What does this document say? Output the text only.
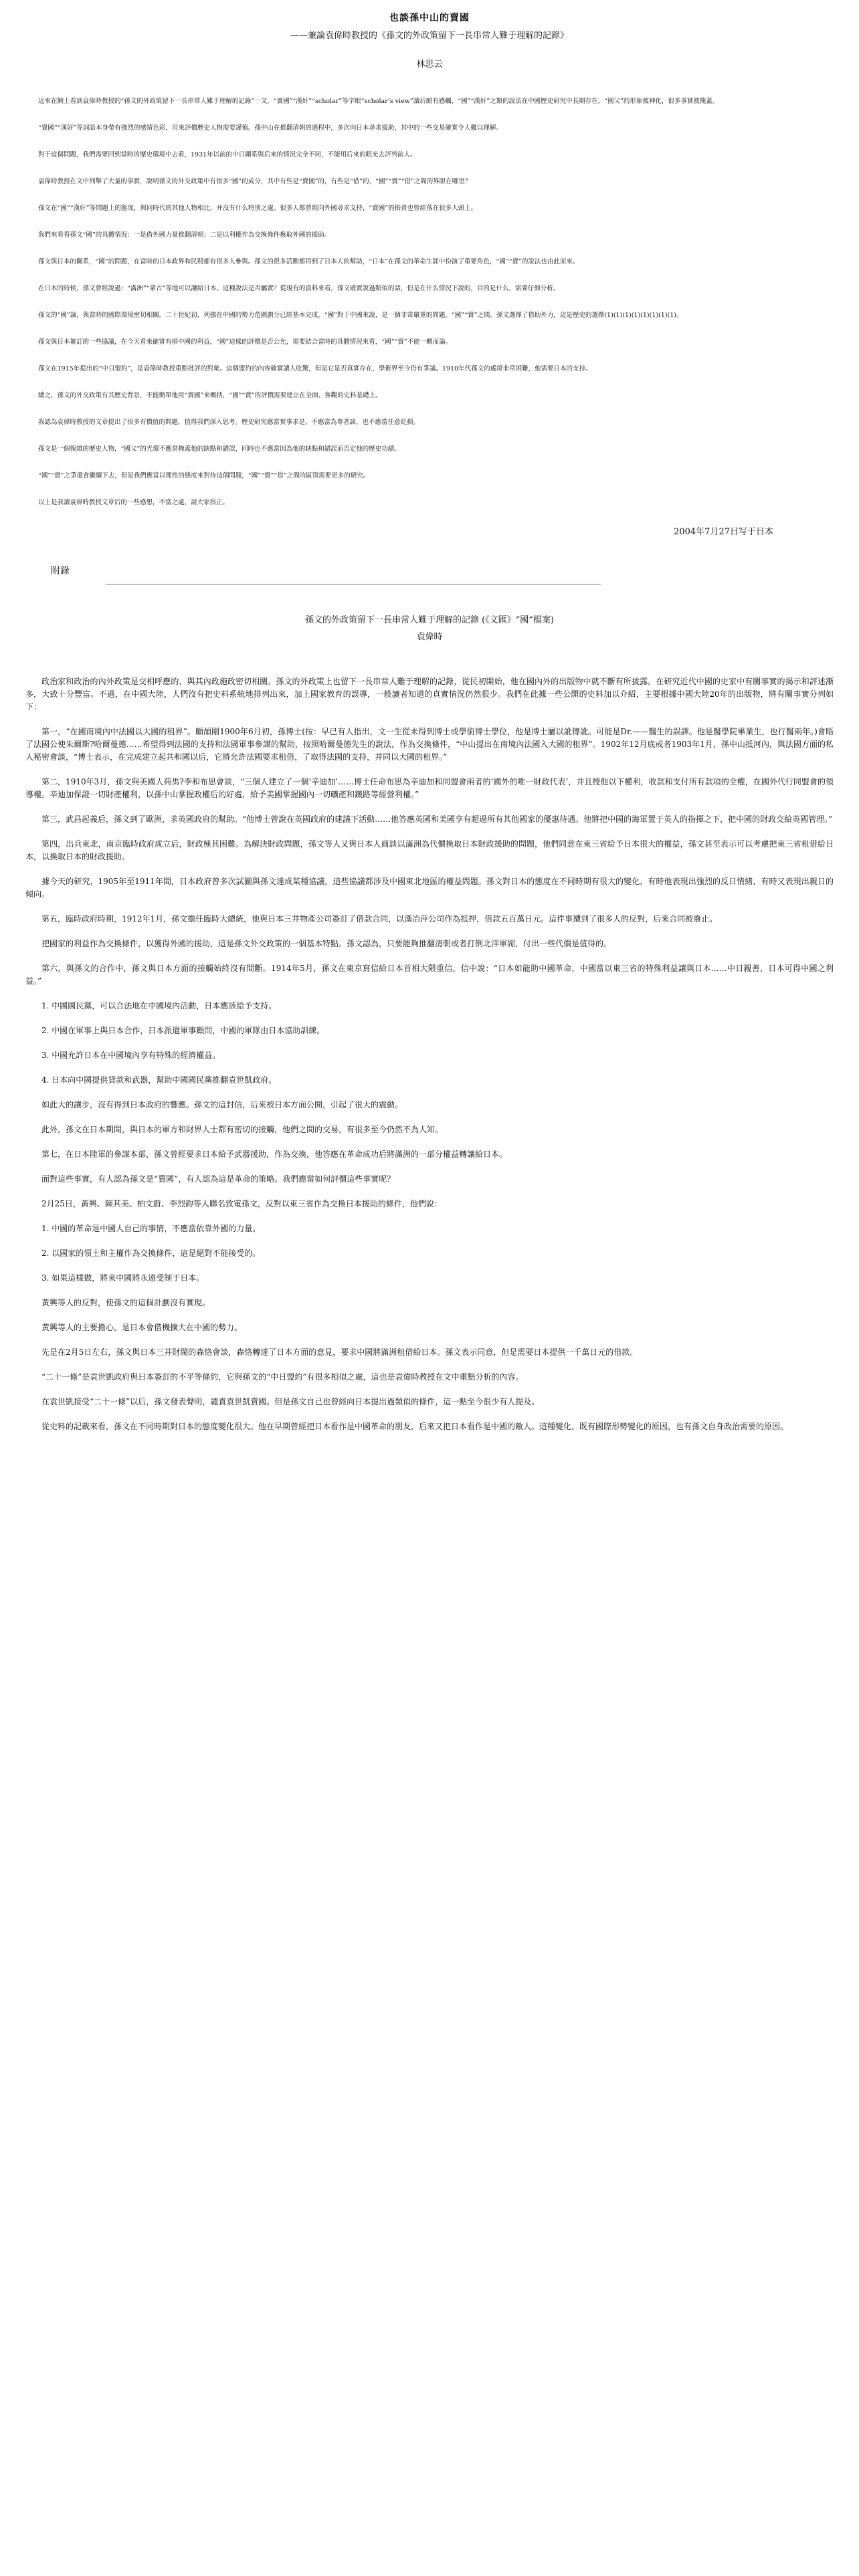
也談孫中山的賣國
——兼論袁偉時教授的《孫文的外政策留下一長串常人難于理解的記錄》
林思云

近來在網上看到袁偉時教授的“孫文的外政策留下一長串常人難于理解的記錄”一文，“賣國”“漢奸”“scholar”等字眼“scholar’s view”讀后頗有感觸，“國”“漢奸”之類的說法在中國歷史研究中長期存在，“國父”的形象被神化，很多事實被掩蓋。

“賣國”“漢奸”等詞語本身帶有強烈的感情色彩，用來評價歷史人物需要謹慎。孫中山在推翻清朝的過程中，多次向日本尋求援助，其中的一些交易確實令人難以理解。

對于這個問題，我們需要回到當時的歷史環境中去看，1931年以前的中日關系與后來的情況完全不同，不能用后來的眼光去評判前人。

袁偉時教授在文中列舉了大量的事實，說明孫文的外交政策中有很多“國”的成分，其中有些是“賣國”的，有些是“借”的，“國”“賣”“借”之間的界限在哪里？

孫文在“國”“漢奸”等問題上的態度，與同時代的其他人物相比，并沒有什么特別之處。很多人都曾經向外國尋求支持，“賣國”的指責也曾經落在很多人頭上。

我們來看看孫文“國”的具體情況：一是借外國力量推翻清朝；二是以利權作為交換條件換取外國的援助。

孫文與日本的關系，“國”的問題，在當時的日本政界和民間都有很多人參與。孫文的很多活動都得到了日本人的幫助，“日本”在孫文的革命生涯中扮演了重要角色，“國”“賣”的說法也由此而來。

在日本的時候，孫文曾經說過：“滿洲”“蒙古”等地可以讓給日本。這種說法是否屬實？從現有的資料來看，孫文確實說過類似的話，但是在什么情況下說的，目的是什么，需要仔細分析。

孫文的“國”論，與當時的國際環境密切相關。二十世紀初，列強在中國的勢力范圍劃分已經基本完成，“國”對于中國來說，是一個非常嚴重的問題。“國”“賣”之間，孫文選擇了借助外力，這是歷史的選擇(1)(1)(1)(1)(1)(1)(1)(1)。

孫文與日本簽訂的一些協議，在今天看來確實有損中國的利益，“國”這樣的評價是否公允，需要結合當時的具體情況來看，“國”“賣”不能一概而論。

孫文在1915年提出的“中日盟約”，是袁偉時教授重點批評的對象。這個盟約的內容確實讓人吃驚，但是它是否真實存在，學術界至今仍有爭議。1910年代孫文的處境非常困難，他需要日本的支持。

總之，孫文的外交政策有其歷史背景，不能簡單地用“賣國”來概括，“國”“賣”的評價需要建立在全面、客觀的史料基礎上。

我認為袁偉時教授的文章提出了很多有價值的問題，值得我們深入思考。歷史研究應當實事求是，不應當為尊者諱，也不應當任意貶損。

孫文是一個復雜的歷史人物，“國父”的光環不應當掩蓋他的缺點和錯誤，同時也不應當因為他的缺點和錯誤而否定他的歷史功績。

“國”“賣”之爭還會繼續下去，但是我們應當以理性的態度來對待這個問題，“國”“賣”“借”之間的區別需要更多的研究。

以上是我讀袁偉時教授文章后的一些感想，不當之處，請大家指正。

2004年7月27日写于日本
附錄
孫文的外政策留下一長串常人難于理解的記錄 (《文匯》“國”檔案)
袁偉時

政治家和政治的內外政策是交相呼應的，與其內政施政密切相關。孫文的外政策上也留下一長串常人難于理解的記錄，從民初開始，他在國內外的出版物中就不斷有所披露。在研究近代中國的史家中有關事實的揭示和評述漸多，大致十分豐富。不過，在中國大陸，人們沒有把史料系統地排列出來，加上國家教育的誤導，一般讀者知道的真實情況仍然很少。我們在此據一些公開的史料加以介紹，主要根據中國大陸20年的出版物，將有關事實分列如下：

第一，“在國南境內中法國以大國的租界”。顧頡剛1900年6月初，孫博士(按：早已有人指出，文一生從未得到博士或學銜博士學位，他是博士屬以訛傳訛。可能是Dr.——醫生的誤譯。他是醫學院畢業生，也行醫兩年。)會晤了法國公使朱爾斯?哈爾曼德……希望得到法國的支持和法國軍事參謀的幫助，按照哈爾曼德先生的說法，作為交換條件，“中山提出在南境內法國入大國的租界”。1902年12月底或者1903年1月，孫中山抵河內，與法國方面的私人秘密會談，“博士表示，在完成建立起共和國以后，它將允許法國要求租借，了取得法國的支持，并同以大國的租界。”

第二，1910年3月，孫文與美國人荷馬?李和布思會談，“三個人建立了一個‘辛迪加’……博士任命布思為辛迪加和同盟會兩者的‘國外的唯一財政代表’，并且授他以下權利，收款和支付所有款項的全權，在國外代行同盟會的領導權。辛迪加保證一切財產權利，以孫中山掌握政權后的好處，給予美國掌握國內一切礦產和鐵路等經營利權。”

第三，武昌起義后，孫文到了歐洲，求英國政府的幫助。“他博士曾說在英國政府的建議下活動……他答應英國和美國享有超過所有其他國家的優惠待遇。他將把中國的海軍置于英人的指揮之下，把中國的財政交給英國管理。”

第四，出兵東北，南京臨時政府成立后，財政極其困難。為解決財政問題，孫文等人又與日本人商談以滿洲為代價換取日本財政援助的問題，他們同意在東三省給予日本很大的權益，孫文甚至表示可以考慮把東三省租借給日本，以換取日本的財政援助。

據今天的研究，1905年至1911年間，日本政府曾多次試圖與孫文達成某種協議，這些協議都涉及中國東北地區的權益問題。孫文對日本的態度在不同時期有很大的變化，有時他表現出強烈的反日情緒，有時又表現出親日的傾向。

第五，臨時政府時期，1912年1月，孫文擔任臨時大總統，他與日本三井物產公司簽訂了借款合同，以漢冶萍公司作為抵押，借款五百萬日元。這件事遭到了很多人的反對，后來合同被廢止。

把國家的利益作為交換條件，以獲得外國的援助，這是孫文外交政策的一個基本特點。孫文認為，只要能夠推翻清朝或者打倒北洋軍閥，付出一些代價是值得的。

第六，與孫文的合作中，孫文與日本方面的接觸始終沒有間斷。1914年5月，孫文在東京寫信給日本首相大隈重信，信中說：“日本如能助中國革命，中國當以東三省的特殊利益讓與日本……中日親善，日本可得中國之利益。”

1. 中國國民黨，可以合法地在中國境內活動，日本應該給予支持。

2. 中國在軍事上與日本合作，日本派遣軍事顧問，中國的軍隊由日本協助訓練。

3. 中國允許日本在中國境內享有特殊的經濟權益。

4. 日本向中國提供貸款和武器，幫助中國國民黨推翻袁世凱政府。

如此大的讓步，沒有得到日本政府的響應。孫文的這封信，后來被日本方面公開，引起了很大的震動。

此外，孫文在日本期間，與日本的軍方和財界人士都有密切的接觸，他們之間的交易，有很多至今仍然不為人知。

第七，在日本陸軍的參謀本部，孫文曾經要求日本給予武器援助，作為交換，他答應在革命成功后將滿洲的一部分權益轉讓給日本。

面對這些事實，有人認為孫文是“賣國”，有人認為這是革命的策略。我們應當如何評價這些事實呢？

2月25日，黃興、陳其美、柏文蔚、李烈鈞等人聯名致電孫文，反對以東三省作為交換日本援助的條件，他們說：

1. 中國的革命是中國人自己的事情，不應當依靠外國的力量。

2. 以國家的領土和主權作為交換條件，這是絕對不能接受的。

3. 如果這樣做，將來中國將永遠受制于日本。

黃興等人的反對，使孫文的這個計劃沒有實現。

黃興等人的主要擔心，是日本會借機擴大在中國的勢力。

先是在2月5日左右，孫文與日本三井財閥的森恪會談，森恪轉達了日本方面的意見，要求中國將滿洲租借給日本。孫文表示同意，但是需要日本提供一千萬日元的借款。

“二十一條”是袁世凱政府與日本簽訂的不平等條約，它與孫文的“中日盟約”有很多相似之處，這也是袁偉時教授在文中重點分析的內容。

在袁世凱接受“二十一條”以后，孫文發表聲明，譴責袁世凱賣國。但是孫文自己也曾經向日本提出過類似的條件，這一點至今很少有人提及。

從史料的記載來看，孫文在不同時期對日本的態度變化很大。他在早期曾經把日本看作是中國革命的朋友，后來又把日本看作是中國的敵人。這種變化，既有國際形勢變化的原因，也有孫文自身政治需要的原因。
